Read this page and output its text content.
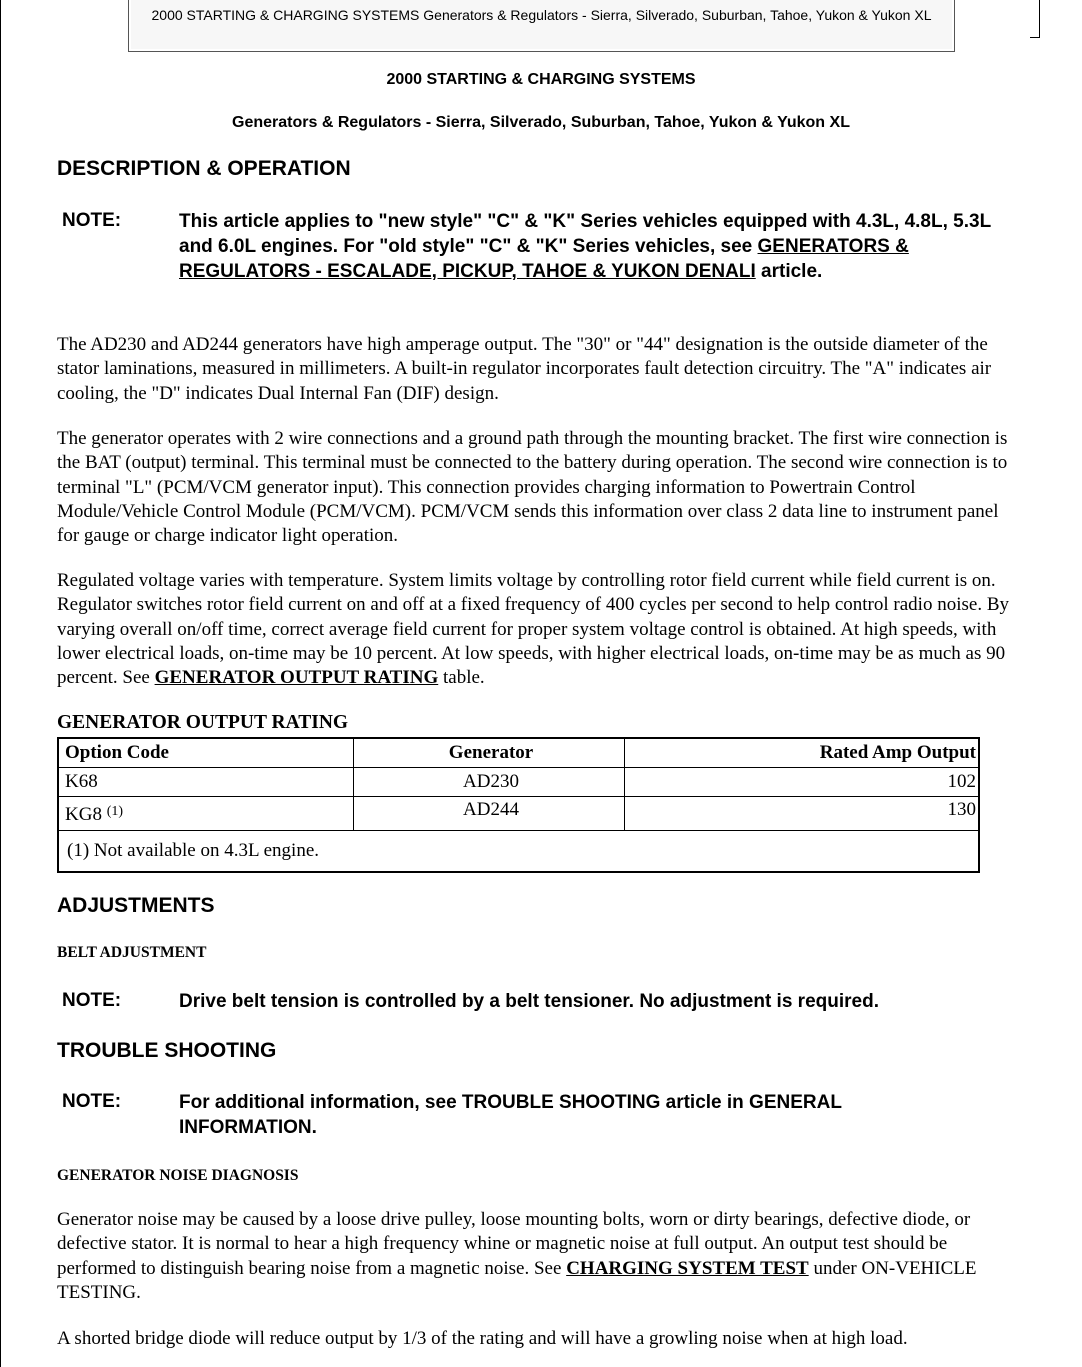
2000 STARTING & CHARGING SYSTEMS Generators & Regulators - Sierra, Silverado, Suburban, Tahoe, Yukon & Yukon XL
2000 STARTING & CHARGING SYSTEMS
Generators & Regulators - Sierra, Silverado, Suburban, Tahoe, Yukon & Yukon XL
DESCRIPTION & OPERATION
NOTE:	This article applies to "new style" "C" & "K" Series vehicles equipped with 4.3L, 4.8L, 5.3L and 6.0L engines. For "old style" "C" & "K" Series vehicles, see GENERATORS & REGULATORS - ESCALADE, PICKUP, TAHOE & YUKON DENALI article.
The AD230 and AD244 generators have high amperage output. The "30" or "44" designation is the outside diameter of the stator laminations, measured in millimeters. A built-in regulator incorporates fault detection circuitry. The "A" indicates air cooling, the "D" indicates Dual Internal Fan (DIF) design.
The generator operates with 2 wire connections and a ground path through the mounting bracket. The first wire connection is the BAT (output) terminal. This terminal must be connected to the battery during operation. The second wire connection is to terminal "L" (PCM/VCM generator input). This connection provides charging information to Powertrain Control Module/Vehicle Control Module (PCM/VCM). PCM/VCM sends this information over class 2 data line to instrument panel for gauge or charge indicator light operation.
Regulated voltage varies with temperature. System limits voltage by controlling rotor field current while field current is on. Regulator switches rotor field current on and off at a fixed frequency of 400 cycles per second to help control radio noise. By varying overall on/off time, correct average field current for proper system voltage control is obtained. At high speeds, with lower electrical loads, on-time may be 10 percent. At low speeds, with higher electrical loads, on-time may be as much as 90 percent. See GENERATOR OUTPUT RATING table.
GENERATOR OUTPUT RATING
Option Code	Generator	Rated Amp Output
K68	AD230	102
KG8 $^{(1)}$	AD244	130
(1) Not available on 4.3L engine.		
ADJUSTMENTS
BELT ADJUSTMENT
NOTE:	Drive belt tension is controlled by a belt tensioner. No adjustment is required.
TROUBLE SHOOTING
NOTE:	For additional information, see TROUBLE SHOOTING article in GENERAL INFORMATION.
GENERATOR NOISE DIAGNOSIS
Generator noise may be caused by a loose drive pulley, loose mounting bolts, worn or dirty bearings, defective diode, or defective stator. It is normal to hear a high frequency whine or magnetic noise at full output. An output test should be performed to distinguish bearing noise from a magnetic noise. See CHARGING SYSTEM TEST under ON-VEHICLE TESTING.
A shorted bridge diode will reduce output by 1/3 of the rating and will have a growling noise when at high load.
